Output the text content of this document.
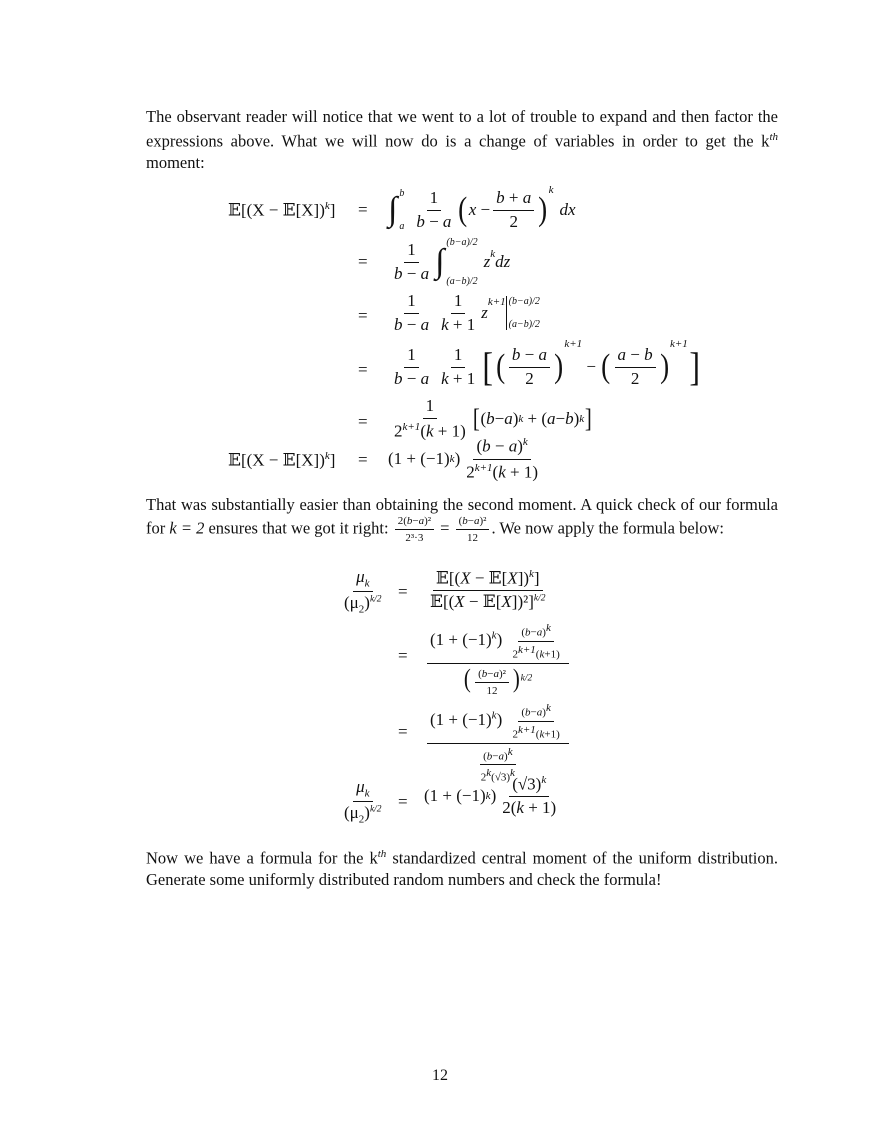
The observant reader will notice that we went to a lot of trouble to expand and then factor the expressions above. What we will now do is a change of variables in order to get the $k^{th}$ moment:

𝔼[(X − 𝔼[X])$^k$] = ∫ b
a $\frac{1}{b - a}$ ( $x - \frac{b + a}{2}$ )
$^k$
dx
= $\frac{1}{b - a}$ ∫
(b−a)/2
(a−b)/2
$z^k$ dz
= $\frac{1}{b - a} \frac{1}{k + 1}$ z
$^{k+1}$ (b−a)/2
(a−b)/2
= $\frac{1}{b - a} \frac{1}{k + 1}$ [ ( $\frac{b - a}{2}$ )
k+1
− ( $\frac{a - b}{2}$ )
k+1 ]
= $\frac{1}{2^{k+1}(k + 1)}$ [ ( b − a ) k + ( a − b ) k ]
𝔼[(X − 𝔼[X])$^k$] = (1 + (−1) k ) $\frac{(b - a)^k}{2^{k+1}(k + 1)}$

That was substantially easier than obtaining the second moment. A quick check of our formula for k = 2 ensures that we got it right: $\frac{\text{2(b−a)²}}{\text{2³·3}} = \frac{\text{(b−a)²}}{12}$ . We now apply the formula below:

$\frac{\mu_k}{(\mu_2)^{k/2}} = \frac{𝔼[(X - 𝔼[X])^k]}{𝔼[(X - 𝔼[X])^2]^{k/2}}$
= $\frac{(1 + (-1)^k) \frac{(b-a)^k}{2^{k+1}(k+1)}}{( \frac{\text{(b−a)²}}{12} )^{k/2}}$
= $\frac{(1 + (-1)^k) \frac{(b-a)^k}{2^{k+1}(k+1)}}{\frac{(b-a)^k}{2^k(√3)^k}}$
$\frac{\mu_k}{(\mu_2)^{k/2}} = (1 + (-1)$ k ) $\frac{(√3)^k}{2(k + 1)}$

Now we have a formula for the $k^{th}$ standardized central moment of the uniform distribution. Generate some uniformly distributed random numbers and check the formula!

12
